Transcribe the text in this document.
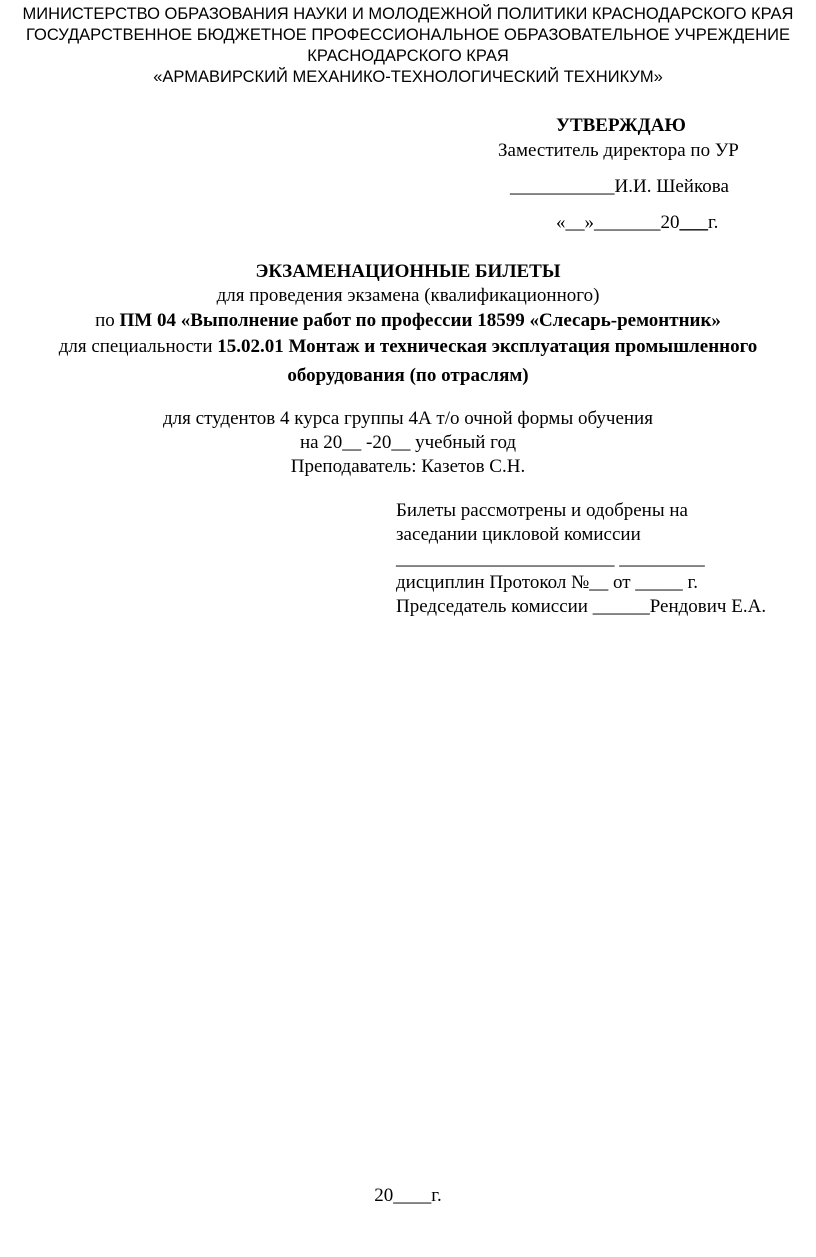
МИНИСТЕРСТВО ОБРАЗОВАНИЯ НАУКИ И МОЛОДЕЖНОЙ ПОЛИТИКИ КРАСНОДАРСКОГО КРАЯ
ГОСУДАРСТВЕННОЕ БЮДЖЕТНОЕ ПРОФЕССИОНАЛЬНОЕ ОБРАЗОВАТЕЛЬНОЕ УЧРЕЖДЕНИЕ
КРАСНОДАРСКОГО КРАЯ
«АРМАВИРСКИЙ МЕХАНИКО-ТЕХНОЛОГИЧЕСКИЙ ТЕХНИКУМ»
УТВЕРЖДАЮ
Заместитель директора по УР
___________И.И. Шейкова
«__»_______20___г.
ЭКЗАМЕНАЦИОННЫЕ БИЛЕТЫ
для проведения экзамена (квалификационного)
по ПМ 04 «Выполнение работ по профессии 18599 «Слесарь-ремонтник»
для специальности 15.02.01 Монтаж и техническая эксплуатация промышленного
оборудования (по отраслям)
для студентов 4 курса группы 4А т/о очной формы обучения
на 20__ -20__ учебный год
Преподаватель: Казетов С.Н.
Билеты рассмотрены и одобрены на
заседании цикловой комиссии
_______________________ _________
дисциплин Протокол №__ от _____ г.
Председатель комиссии ______Рендович Е.А.
20____г.
